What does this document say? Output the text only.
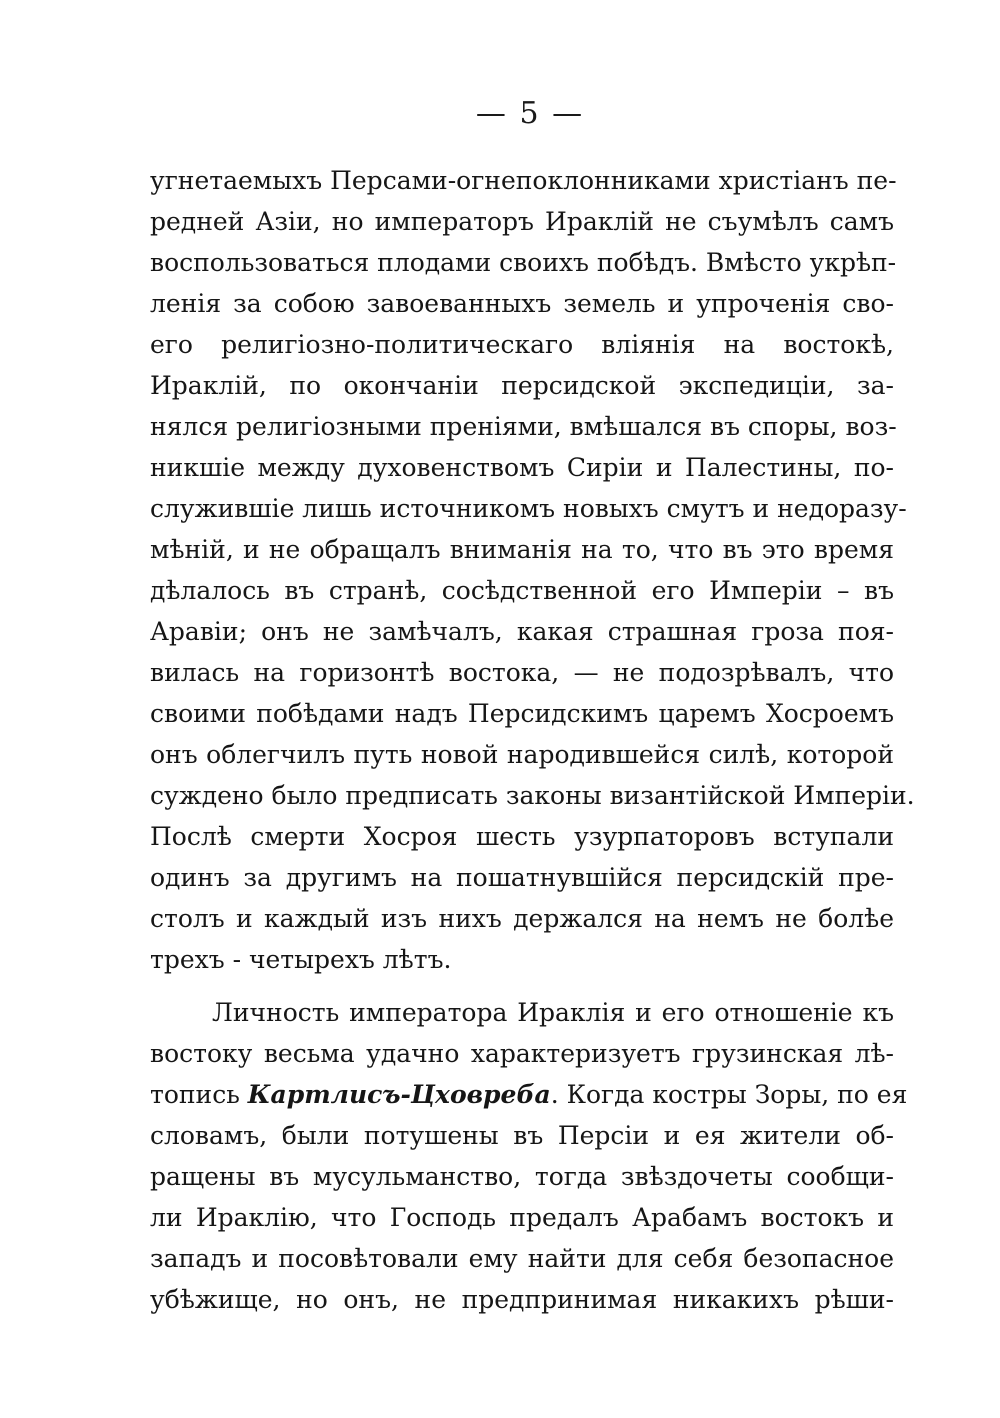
— 5 —
угнетаемыхъ Персами-огнепоклонниками христiанъ пе-
редней Азiи, но императоръ Ираклiй не съумѣлъ самъ
воспользоваться плодами своихъ побѣдъ. Вмѣсто укрѣп-
ленiя за собою завоеванныхъ земель и упроченiя сво-
его религiозно-политическаго влiянiя на востокѣ,
Ираклiй, по окончанiи персидской экспедицiи, за-
нялся религiозными пренiями, вмѣшался въ споры, воз-
никшiе между духовенствомъ Сирiи и Палестины, по-
служившiе лишь источникомъ новыхъ смутъ и недоразу-
мѣнiй, и не обращалъ вниманiя на то, что въ это время
дѣлалось въ странѣ, сосѣдственной его Имперiи – въ
Аравiи; онъ не замѣчалъ, какая страшная гроза поя-
вилась на горизонтѣ востока, — не подозрѣвалъ, что
своими побѣдами надъ Персидскимъ царемъ Хосроемъ
онъ облегчилъ путь новой народившейся силѣ, которой
суждено было предписать законы византiйской Имперiи.
Послѣ смерти Хосроя шесть узурпаторовъ вступали
одинъ за другимъ на пошатнувшiйся персидскiй пре-
столъ и каждый изъ нихъ держался на немъ не болѣе
трехъ - четырехъ лѣтъ.
Личность императора Ираклiя и его отношенiе къ
востоку весьма удачно характеризуетъ грузинская лѣ-
топись Картлисъ-Цховреба. Когда костры Зоры, по ея
словамъ, были потушены въ Персiи и ея жители об-
ращены въ мусульманство, тогда звѣздочеты сообщи-
ли Ираклiю, что Господь предалъ Арабамъ востокъ и
западъ и посовѣтовали ему найти для себя безопасное
убѣжище, но онъ, не предпринимая никакихъ рѣши-
